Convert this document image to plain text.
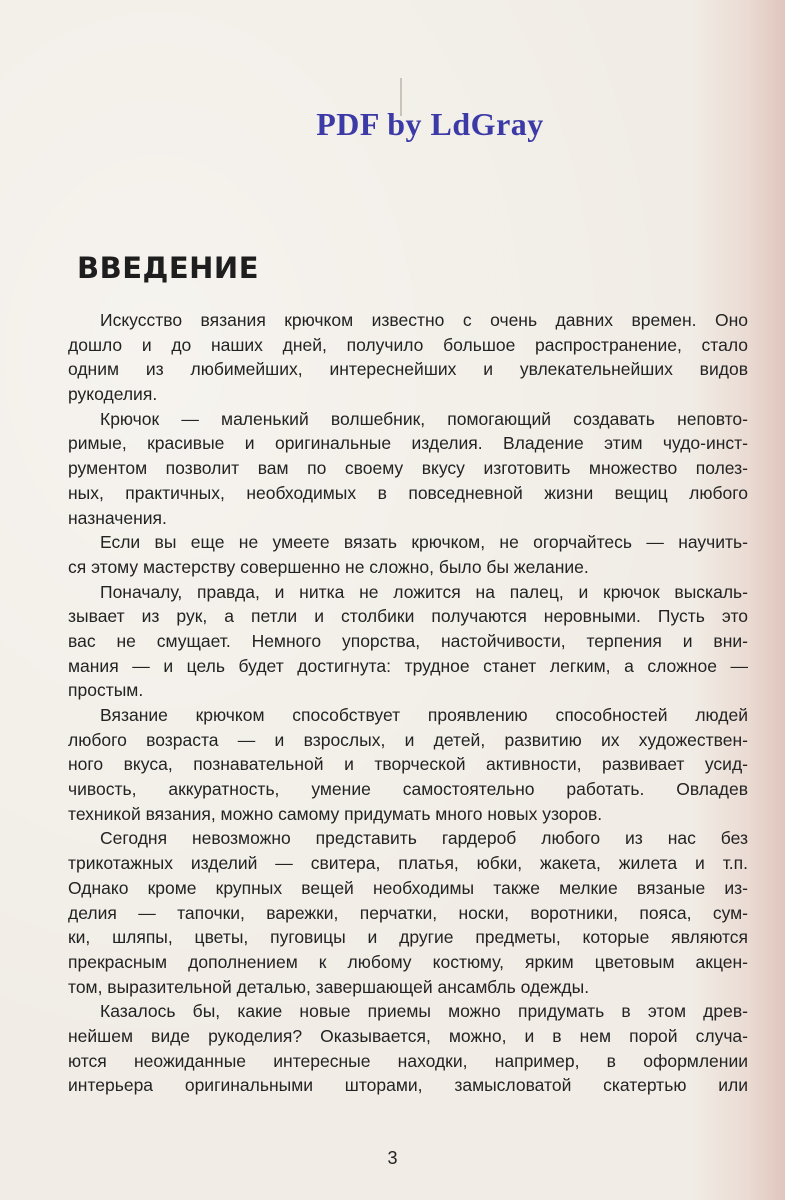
PDF by LdGray
ВВЕДЕНИЕ
Искусство вязания крючком известно с очень давних времен. Оно
дошло и до наших дней, получило большое распространение, стало
одним из любимейших, интереснейших и увлекательнейших видов
рукоделия.
Крючок — маленький волшебник, помогающий создавать неповто-
римые, красивые и оригинальные изделия. Владение этим чудо-инст-
рументом позволит вам по своему вкусу изготовить множество полез-
ных, практичных, необходимых в повседневной жизни вещиц любого
назначения.
Если вы еще не умеете вязать крючком, не огорчайтесь — научить-
ся этому мастерству совершенно не сложно, было бы желание.
Поначалу, правда, и нитка не ложится на палец, и крючок выскаль-
зывает из рук, а петли и столбики получаются неровными. Пусть это
вас не смущает. Немного упорства, настойчивости, терпения и вни-
мания — и цель будет достигнута: трудное станет легким, а сложное —
простым.
Вязание крючком способствует проявлению способностей людей
любого возраста — и взрослых, и детей, развитию их художествен-
ного вкуса, познавательной и творческой активности, развивает усид-
чивость, аккуратность, умение самостоятельно работать. Овладев
техникой вязания, можно самому придумать много новых узоров.
Сегодня невозможно представить гардероб любого из нас без
трикотажных изделий — свитера, платья, юбки, жакета, жилета и т.п.
Однако кроме крупных вещей необходимы также мелкие вязаные из-
делия — тапочки, варежки, перчатки, носки, воротники, пояса, сум-
ки, шляпы, цветы, пуговицы и другие предметы, которые являются
прекрасным дополнением к любому костюму, ярким цветовым акцен-
том, выразительной деталью, завершающей ансамбль одежды.
Казалось бы, какие новые приемы можно придумать в этом древ-
нейшем виде рукоделия? Оказывается, можно, и в нем порой случа-
ются неожиданные интересные находки, например, в оформлении
интерьера оригинальными шторами, замысловатой скатертью или
3
